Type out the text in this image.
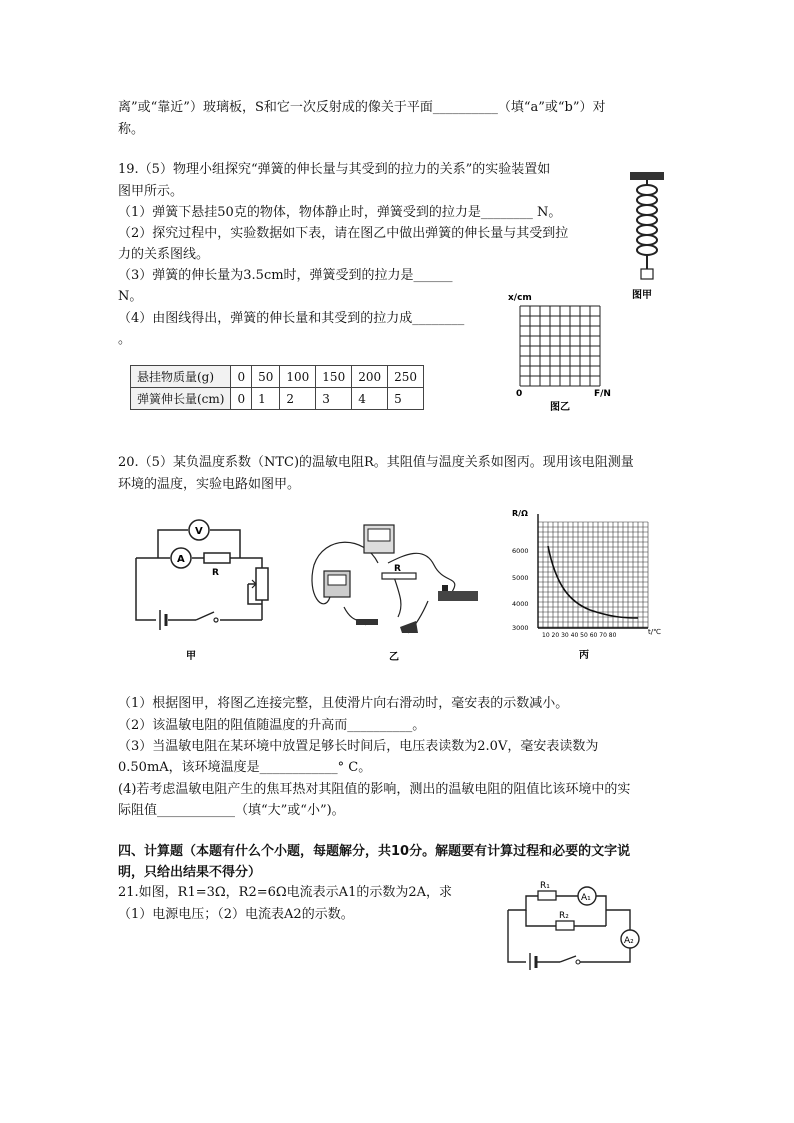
离”或“靠近”）玻璃板，S和它一次反射成的像关于平面__________（填“a”或“b”）对
称。
19.（5）物理小组探究“弹簧的伸长量与其受到的拉力的关系”的实验装置如
图甲所示。
（1）弹簧下悬挂50克的物体，物体静止时，弹簧受到的拉力是________ N。
（2）探究过程中，实验数据如下表，请在图乙中做出弹簧的伸长量与其受到拉
力的关系图线。
（3）弹簧的伸长量为3.5cm时，弹簧受到的拉力是______
N。
（4）由图线得出，弹簧的伸长量和其受到的拉力成________
。
悬挂物质量(g)	0	50	100	150	200	250
弹簧伸长量(cm)	0	1	2	3	4	5
图甲
x/cm
0	F/N
图乙
20.（5）某负温度系数（NTC)的温敏电阻R。其阻值与温度关系如图丙。现用该电阻测量
环境的温度，实验电路如图甲。
V
A
R
甲
R
乙
R/Ω
6000
5000
4000
3000
10 20 30 40 50 60 70 80	t/℃
丙
（1）根据图甲，将图乙连接完整，且使滑片向右滑动时，毫安表的示数减小。
（2）该温敏电阻的阻值随温度的升高而__________。
（3）当温敏电阻在某环境中放置足够长时间后，电压表读数为2.0V，毫安表读数为
0.50mA，该环境温度是____________° C。
(4)若考虑温敏电阻产生的焦耳热对其阻值的影响，测出的温敏电阻的阻值比该环境中的实
际阻值____________（填“大”或“小”)。
四、计算题（本题有什么个小题，每题解分，共10分。解题要有计算过程和必要的文字说
明，只给出结果不得分）
21.如图，R1=3Ω，R2=6Ω电流表示A1的示数为2A，求
（1）电源电压；（2）电流表A2的示数。
R₁
R₂
A₁
A₂
